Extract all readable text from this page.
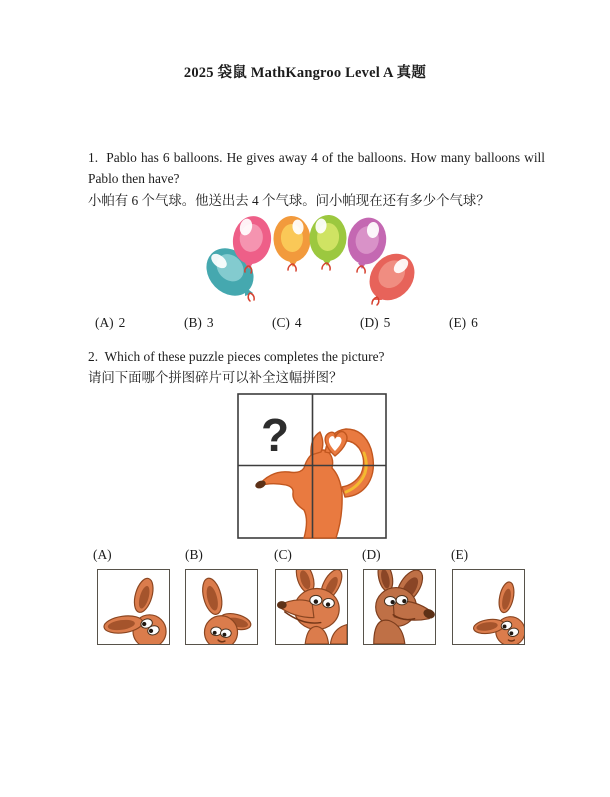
2025 袋鼠 MathKangroo Level A 真题

1.  Pablo has 6 balloons. He gives away 4 of the balloons. How many balloons will Pablo then have?

小帕有 6 个气球。他送出去 4 个气球。问小帕现在还有多少个气球？

(A) 2	(B) 3	(C) 4	(D) 5	(E) 6

2.  Which of these puzzle pieces completes the picture?

请问下面哪个拼图碎片可以补全这幅拼图？

?
(A)	(B)	(C)	(D)	(E)
